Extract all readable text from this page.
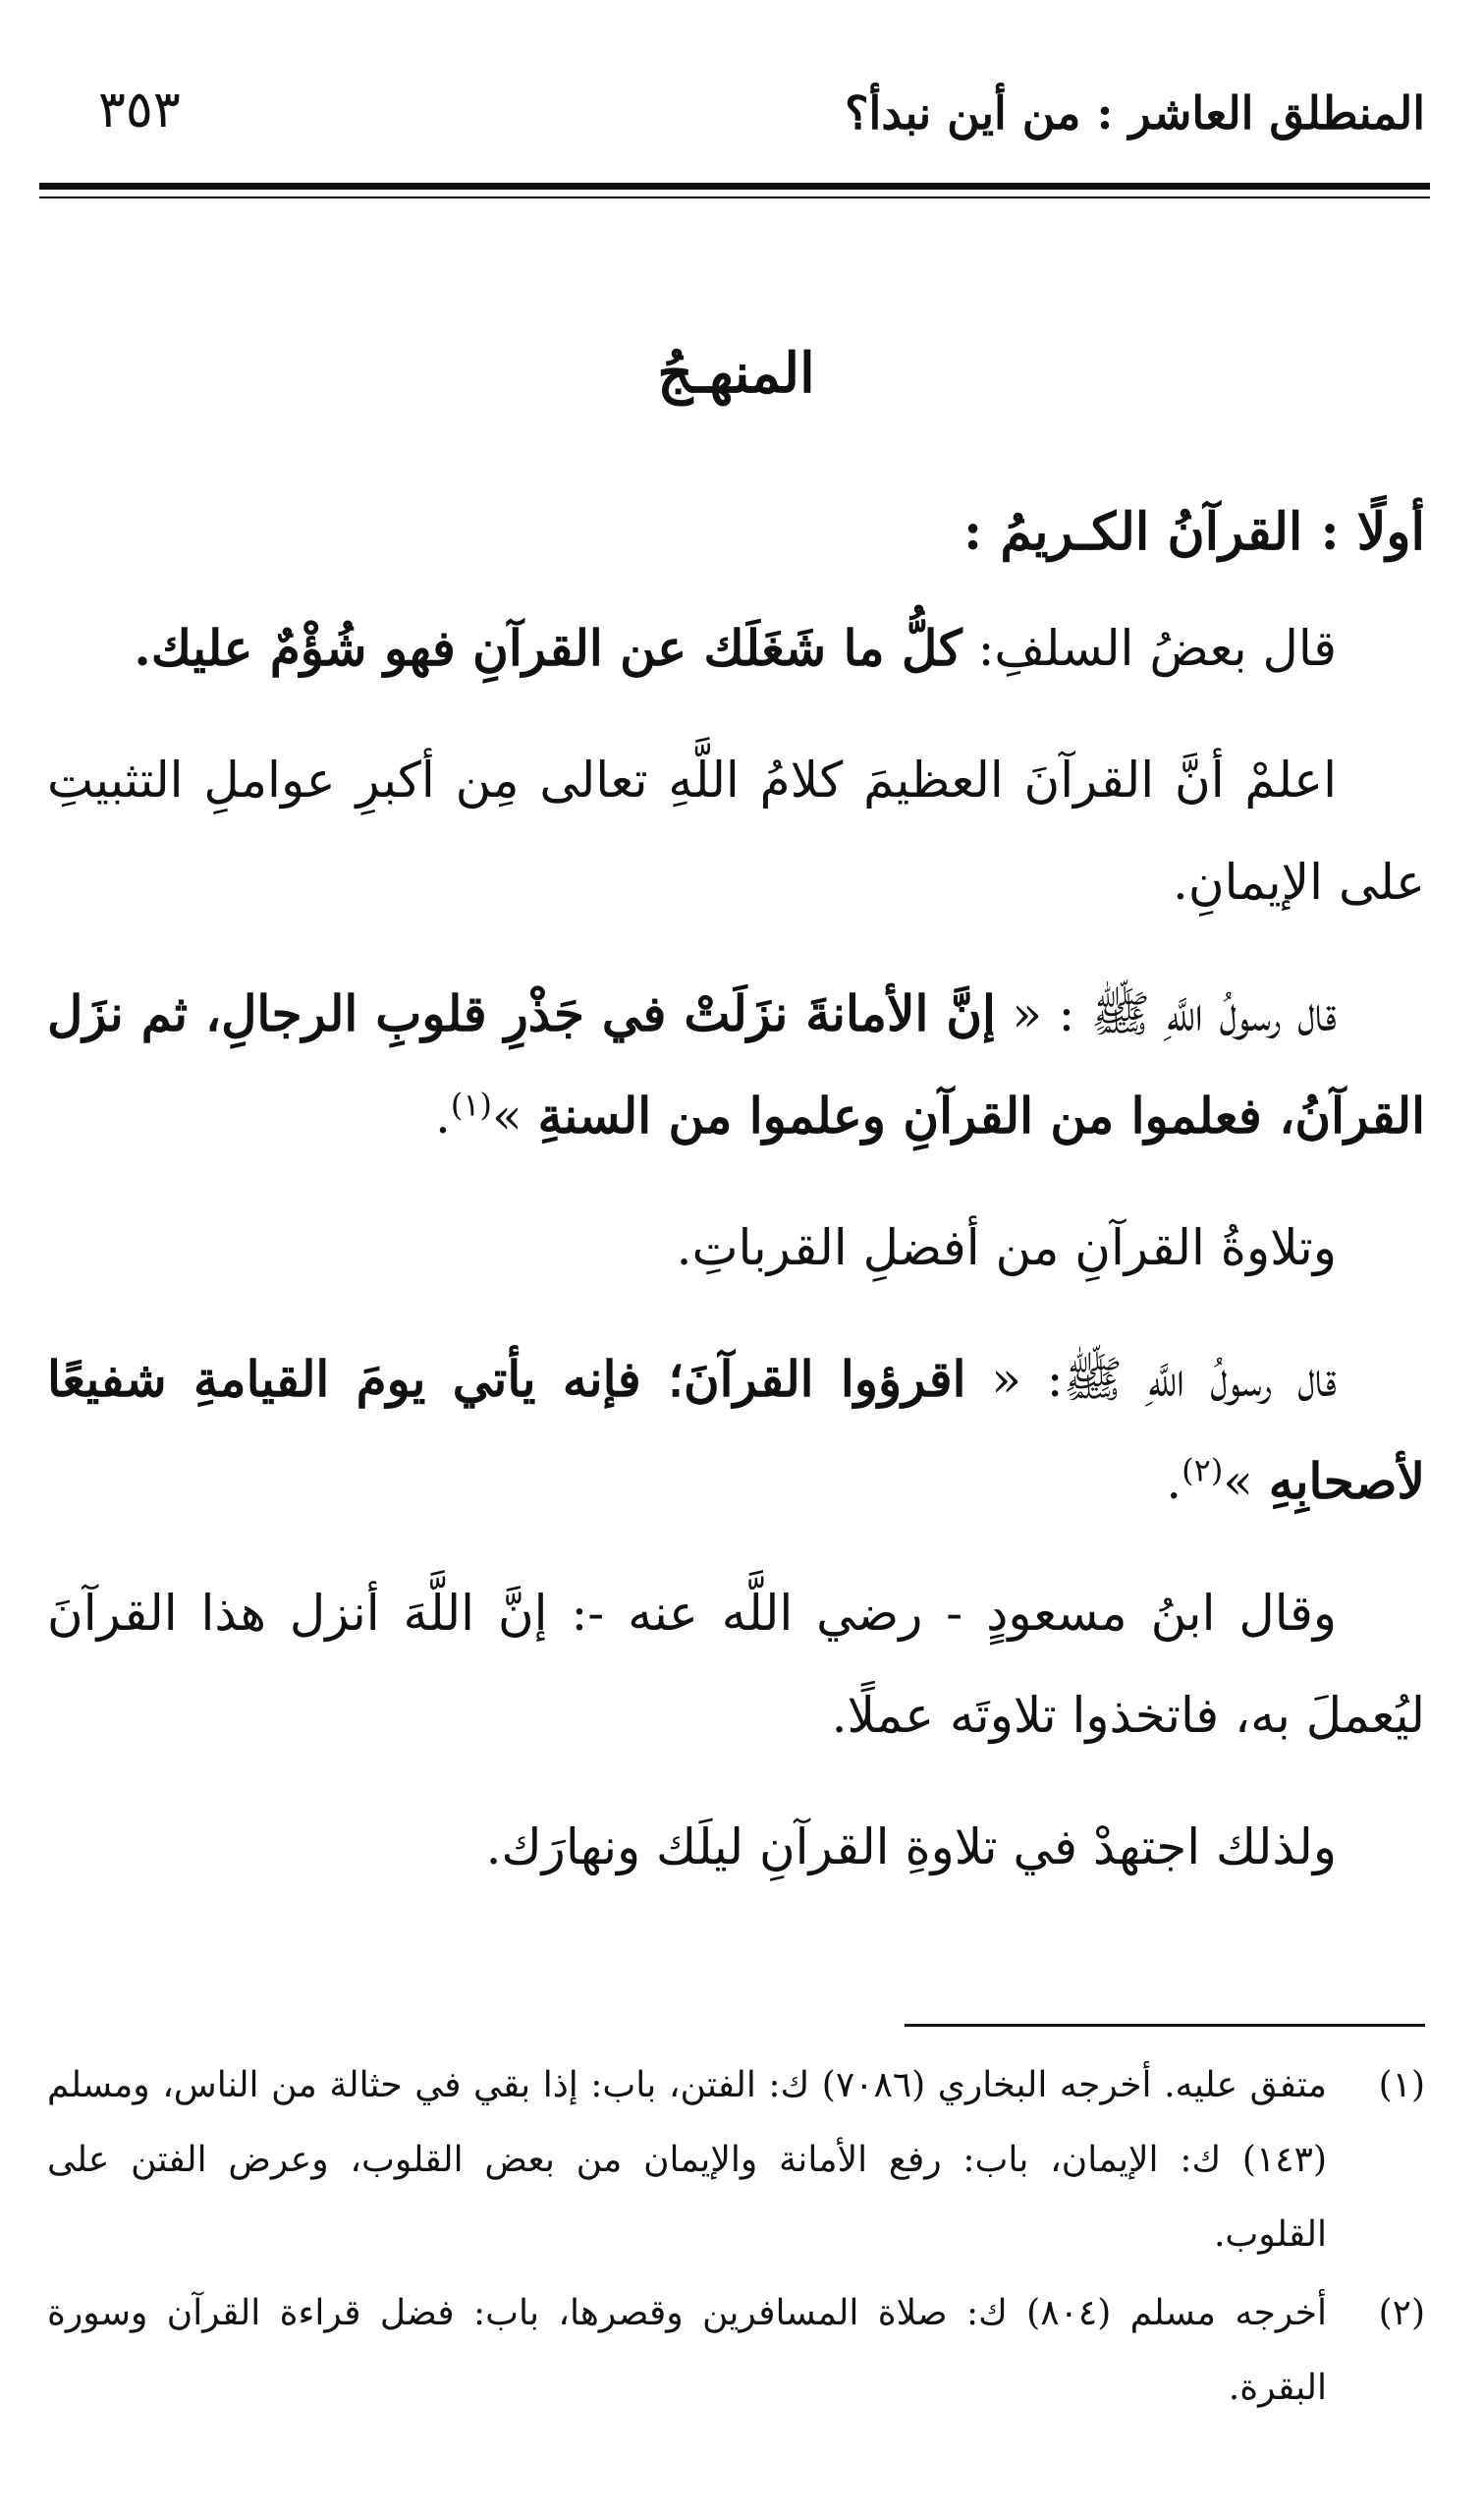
المنطلق العاشر : من أين نبدأ؟
٣٥٣
المنهـجُ
أولًا : القرآنُ الكـريمُ :

قال بعضُ السلفِ: كلُّ ما شَغَلَك عن القرآنِ فهو شُؤْمٌ عليك.

اعلمْ أنَّ القرآنَ العظيمَ كلامُ اللَّهِ تعالى مِن أكبرِ عواملِ التثبيتِ على الإيمانِ.

قال رسولُ اللَّهِ ﷺ : « إنَّ الأمانةَ نزَلَتْ في جَذْرِ قلوبِ الرجالِ، ثم نزَل القرآنُ، فعلموا من القرآنِ وعلموا من السنةِ »$^{(١)}$.

وتلاوةُ القرآنِ من أفضلِ القرباتِ.

قال رسولُ اللَّهِ ﷺ: « اقرؤوا القرآنَ؛ فإنه يأتي يومَ القيامةِ شفيعًا لأصحابِهِ »$^{(٢)}$.

وقال ابنُ مسعودٍ - رضي اللَّه عنه -: إنَّ اللَّهَ أنزل هذا القرآنَ ليُعملَ به، فاتخذوا تلاوتَه عملًا.

ولذلك اجتهدْ في تلاوةِ القرآنِ ليلَك ونهارَك.

(١)
متفق عليه. أخرجه البخاري (٧٠٨٦) ك: الفتن، باب: إذا بقي في حثالة من الناس، ومسلم (١٤٣) ك: الإيمان، باب: رفع الأمانة والإيمان من بعض القلوب، وعرض الفتن على القلوب.
(٢)
أخرجه مسلم (٨٠٤) ك: صلاة المسافرين وقصرها، باب: فضل قراءة القرآن وسورة البقرة.
